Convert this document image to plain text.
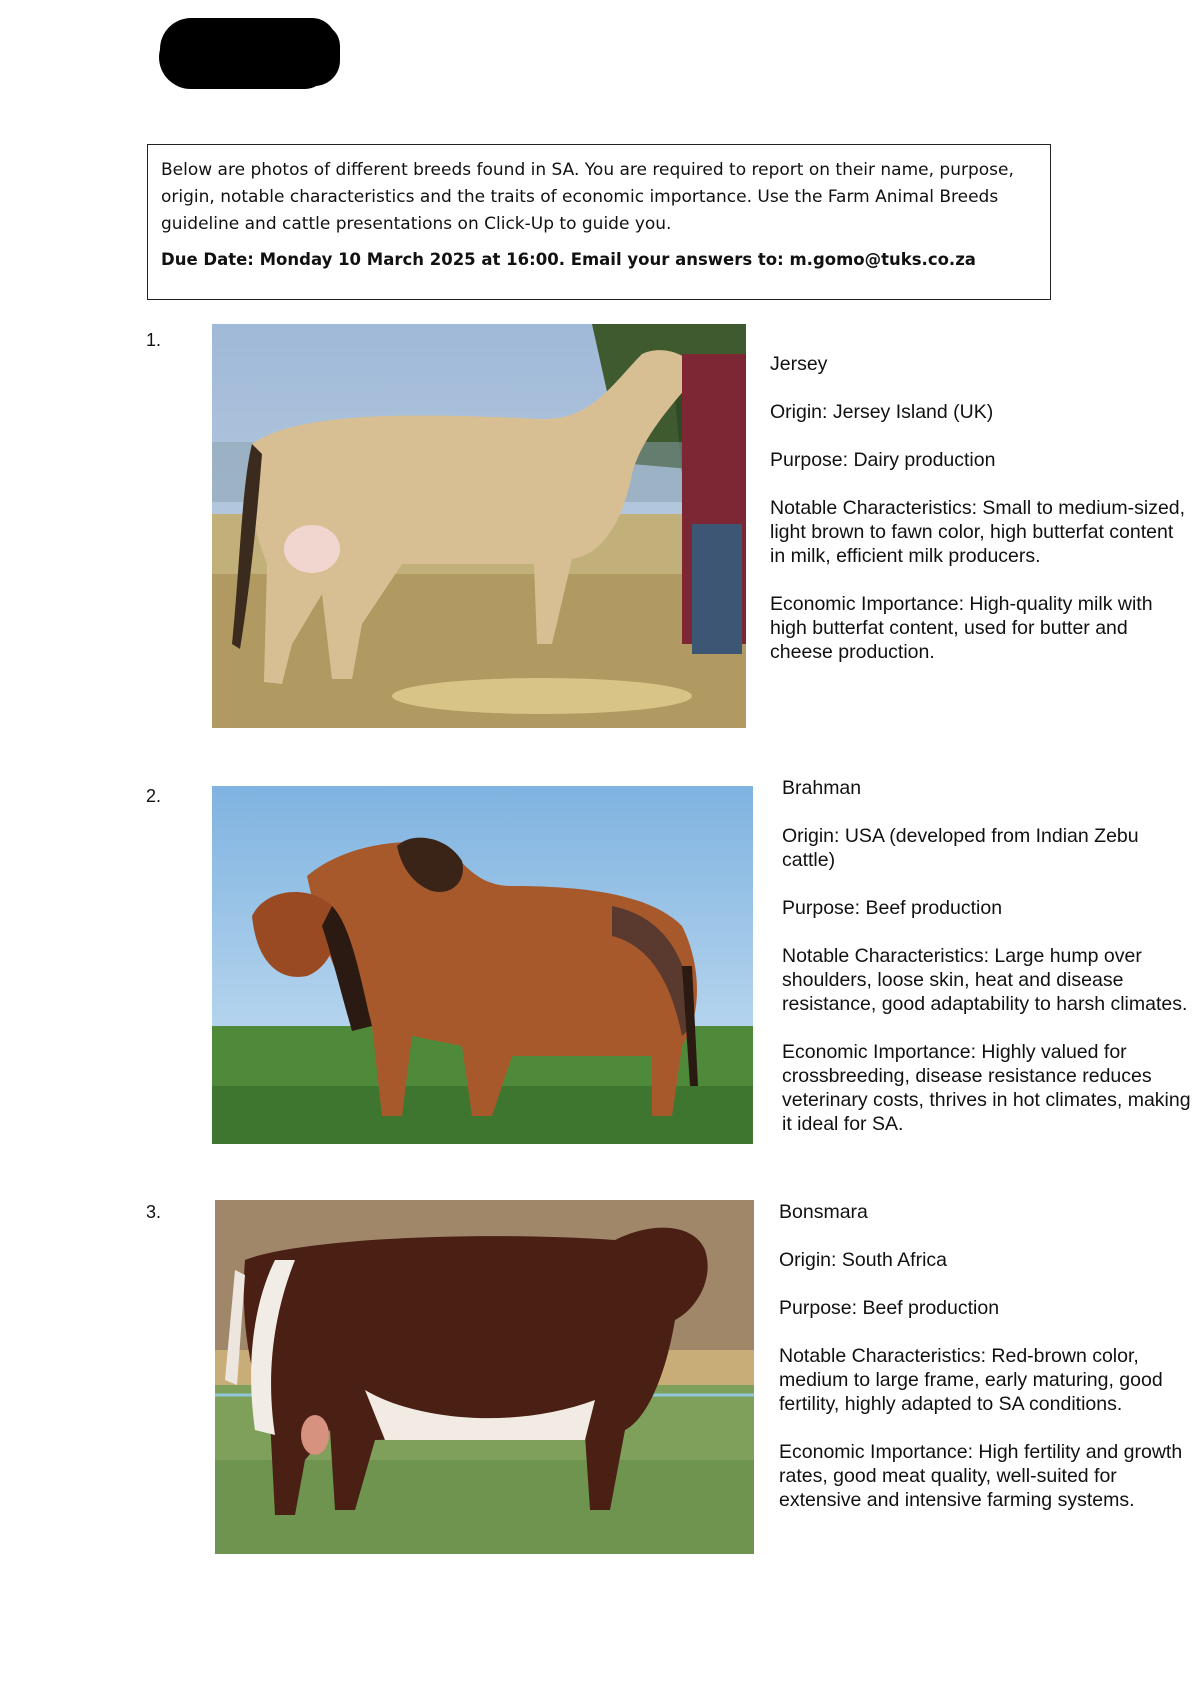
Below are photos of different breeds found in SA. You are required to report on their name, purpose, origin, notable characteristics and the traits of economic importance. Use the Farm Animal Breeds guideline and cattle presentations on Click-Up to guide you.

Due Date: Monday 10 March 2025 at 16:00. Email your answers to: m.gomo@tuks.co.za

1.

Jersey

Origin: Jersey Island (UK)

Purpose: Dairy production

Notable Characteristics: Small to medium-sized, light brown to fawn color, high butterfat content in milk, efficient milk producers.

Economic Importance: High-quality milk with high butterfat content, used for butter and cheese production.

2.	Brahman

Origin: USA (developed from Indian Zebu cattle)

Purpose: Beef production

Notable Characteristics: Large hump over shoulders, loose skin, heat and disease resistance, good adaptability to harsh climates.

Economic Importance: Highly valued for crossbreeding, disease resistance reduces veterinary costs, thrives in hot climates, making it ideal for SA.

3.	Bonsmara

Origin: South Africa

Purpose: Beef production

Notable Characteristics: Red-brown color, medium to large frame, early maturing, good fertility, highly adapted to SA conditions.

Economic Importance: High fertility and growth rates, good meat quality, well-suited for extensive and intensive farming systems.
